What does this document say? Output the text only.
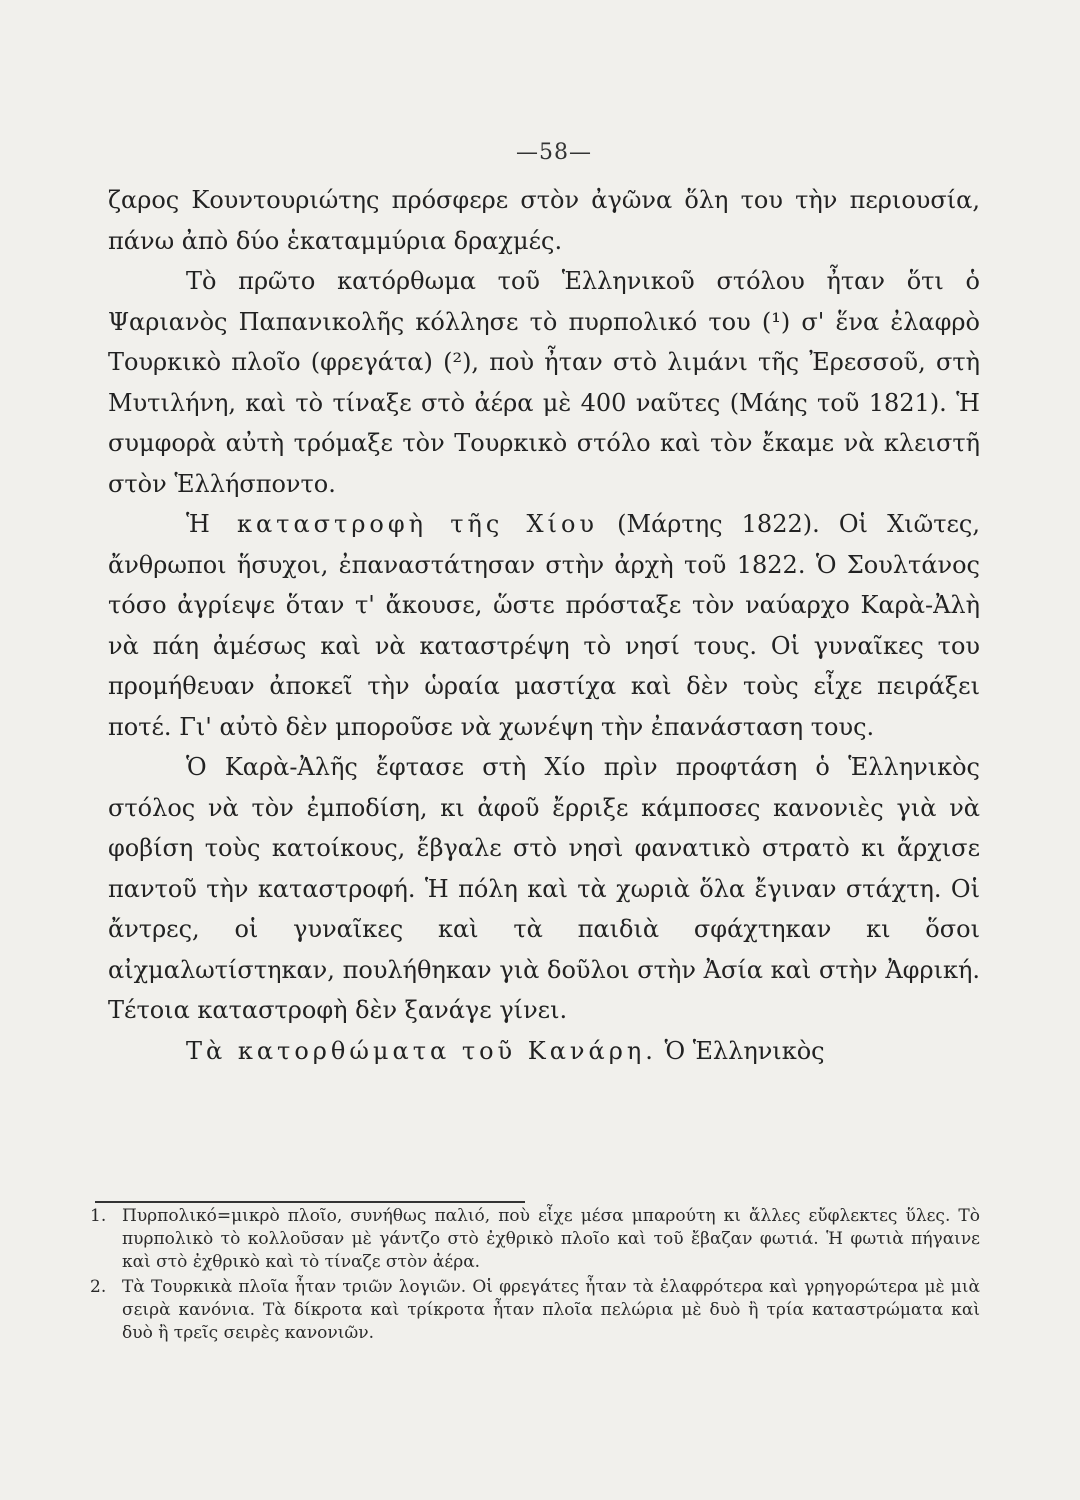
—58—

ζαρος Κουντουριώτης πρόσφερε στὸν ἀγῶνα ὅλη του τὴν περιουσία, πάνω ἀπὸ δύο ἑκαταμμύρια δραχμές.

Τὸ πρῶτο κατόρθωμα τοῦ Ἑλληνικοῦ στόλου ἦταν ὅτι ὁ Ψαριανὸς Παπανικολῆς κόλλησε τὸ πυρπολικό του (¹) σ' ἕνα ἐλαφρὸ Τουρκικὸ πλοῖο (φρεγάτα) (²), ποὺ ἦταν στὸ λιμάνι τῆς Ἐρεσσοῦ, στὴ Μυτιλήνη, καὶ τὸ τίναξε στὸ ἀέρα μὲ 400 ναῦτες (Μάης τοῦ 1821). Ἡ συμφορὰ αὐτὴ τρόμαξε τὸν Τουρκικὸ στόλο καὶ τὸν ἔκαμε νὰ κλειστῆ στὸν Ἑλλήσποντο.

Ἡ καταστροφὴ τῆς Χίου (Μάρτης 1822). Οἱ Χιῶτες, ἄνθρωποι ἥσυχοι, ἐπαναστάτησαν στὴν ἀρχὴ τοῦ 1822. Ὁ Σουλτάνος τόσο ἀγρίεψε ὅταν τ' ἄκουσε, ὥστε πρόσταξε τὸν ναύαρχο Καρὰ-Ἀλὴ νὰ πάη ἀμέσως καὶ νὰ καταστρέψη τὸ νησί τους. Οἱ γυναῖκες του προμήθευαν ἀποκεῖ τὴν ὡραία μαστίχα καὶ δὲν τοὺς εἶχε πειράξει ποτέ. Γι' αὐτὸ δὲν μποροῦσε νὰ χωνέψη τὴν ἐπανάσταση τους.

Ὁ Καρὰ-Ἀλῆς ἔφτασε στὴ Χίο πρὶν προφτάση ὁ Ἑλληνικὸς στόλος νὰ τὸν ἐμποδίση, κι ἀφοῦ ἔρριξε κάμποσες κανονιὲς γιὰ νὰ φοβίση τοὺς κατοίκους, ἔβγαλε στὸ νησὶ φανατικὸ στρατὸ κι ἄρχισε παντοῦ τὴν καταστροφή. Ἡ πόλη καὶ τὰ χωριὰ ὅλα ἔγιναν στάχτη. Οἱ ἄντρες, οἱ γυναῖκες καὶ τὰ παιδιὰ σφάχτηκαν κι ὅσοι αἰχμαλωτίστηκαν, πουλήθηκαν γιὰ δοῦλοι στὴν Ἀσία καὶ στὴν Ἀφρική. Τέτοια καταστροφὴ δὲν ξανάγε γίνει.

Τὰ κατορθώματα τοῦ Κανάρη. Ὁ Ἑλληνικὸς

1. Πυρπολικό=μικρὸ πλοῖο, συνήθως παλιό, ποὺ εἶχε μέσα μπαρούτη κι ἄλλες εὔφλεκτες ὕλες. Τὸ πυρπολικὸ τὸ κολλοῦσαν μὲ γάντζο στὸ ἐχθρικὸ πλοῖο καὶ τοῦ ἔβαζαν φωτιά. Ἡ φωτιὰ πήγαινε καὶ στὸ ἐχθρικὸ καὶ τὸ τίναζε στὸν ἀέρα.
2. Τὰ Τουρκικὰ πλοῖα ἦταν τριῶν λογιῶν. Οἱ φρεγάτες ἦταν τὰ ἐλαφρότερα καὶ γρηγορώτερα μὲ μιὰ σειρὰ κανόνια. Τὰ δίκροτα καὶ τρίκροτα ἦταν πλοῖα πελώρια μὲ δυὸ ἢ τρία καταστρώματα καὶ δυὸ ἢ τρεῖς σειρὲς κανονιῶν.
